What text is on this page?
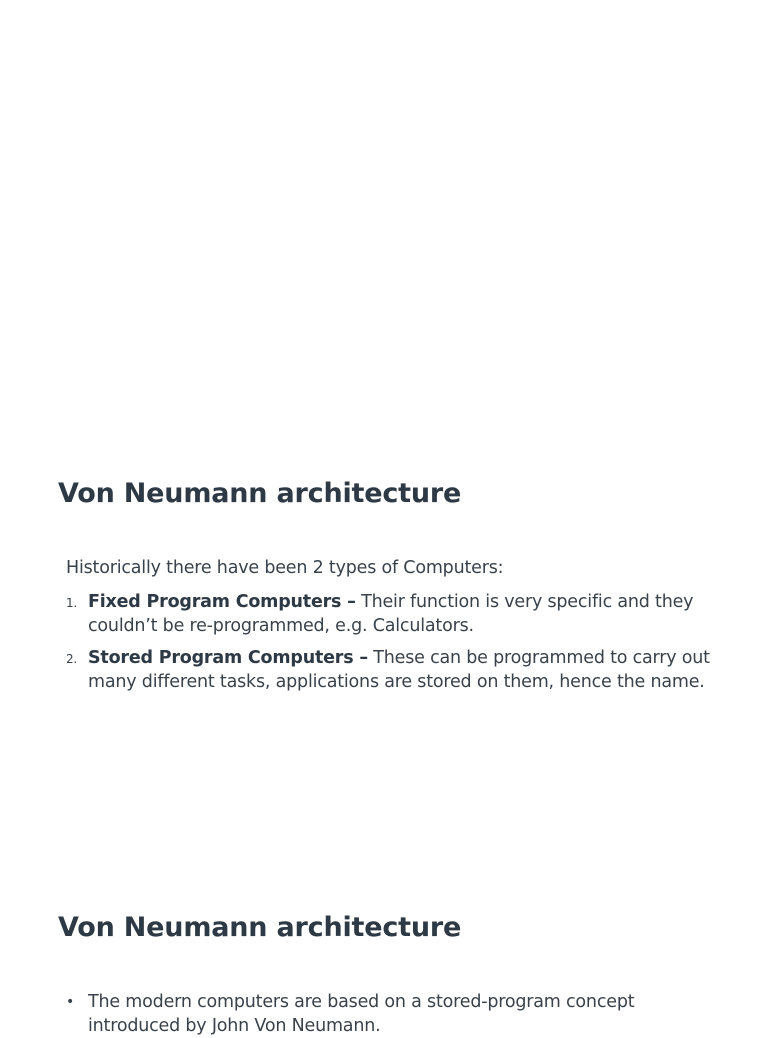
Von Neumann architecture

Historically there have been 2 types of Computers:

1. Fixed Program Computers – Their function is very specific and they couldn’t be re-programmed, e.g. Calculators.
2. Stored Program Computers – These can be programmed to carry out many different tasks, applications are stored on them, hence the name.
Von Neumann architecture
• The modern computers are based on a stored-program concept introduced by John Von Neumann.
